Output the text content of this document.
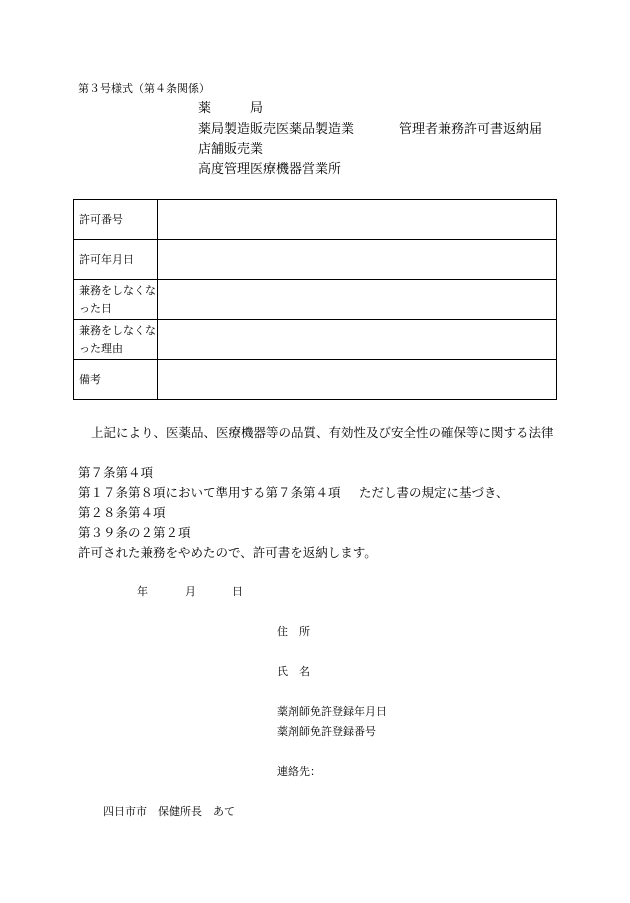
第３号様式（第４条関係）
薬　　　局
薬局製造販売医薬品製造業
店舗販売業
高度管理医療機器営業所
管理者兼務許可書返納届
許可番号	
許可年月日	
兼務をしなくなった日	
兼務をしなくなった理由	
備考	
上記により、医薬品、医療機器等の品質、有効性及び安全性の確保等に関する法律
第７条第４項
第１７条第８項において準用する第７条第４項 ただし書の規定に基づき、
第２８条第４項
第３９条の２第２項
許可された兼務をやめたので、許可書を返納します。
年	月	日
住　所
氏　名
薬剤師免許登録年月日
薬剤師免許登録番号
連絡先：
四日市市　保健所長　あて
